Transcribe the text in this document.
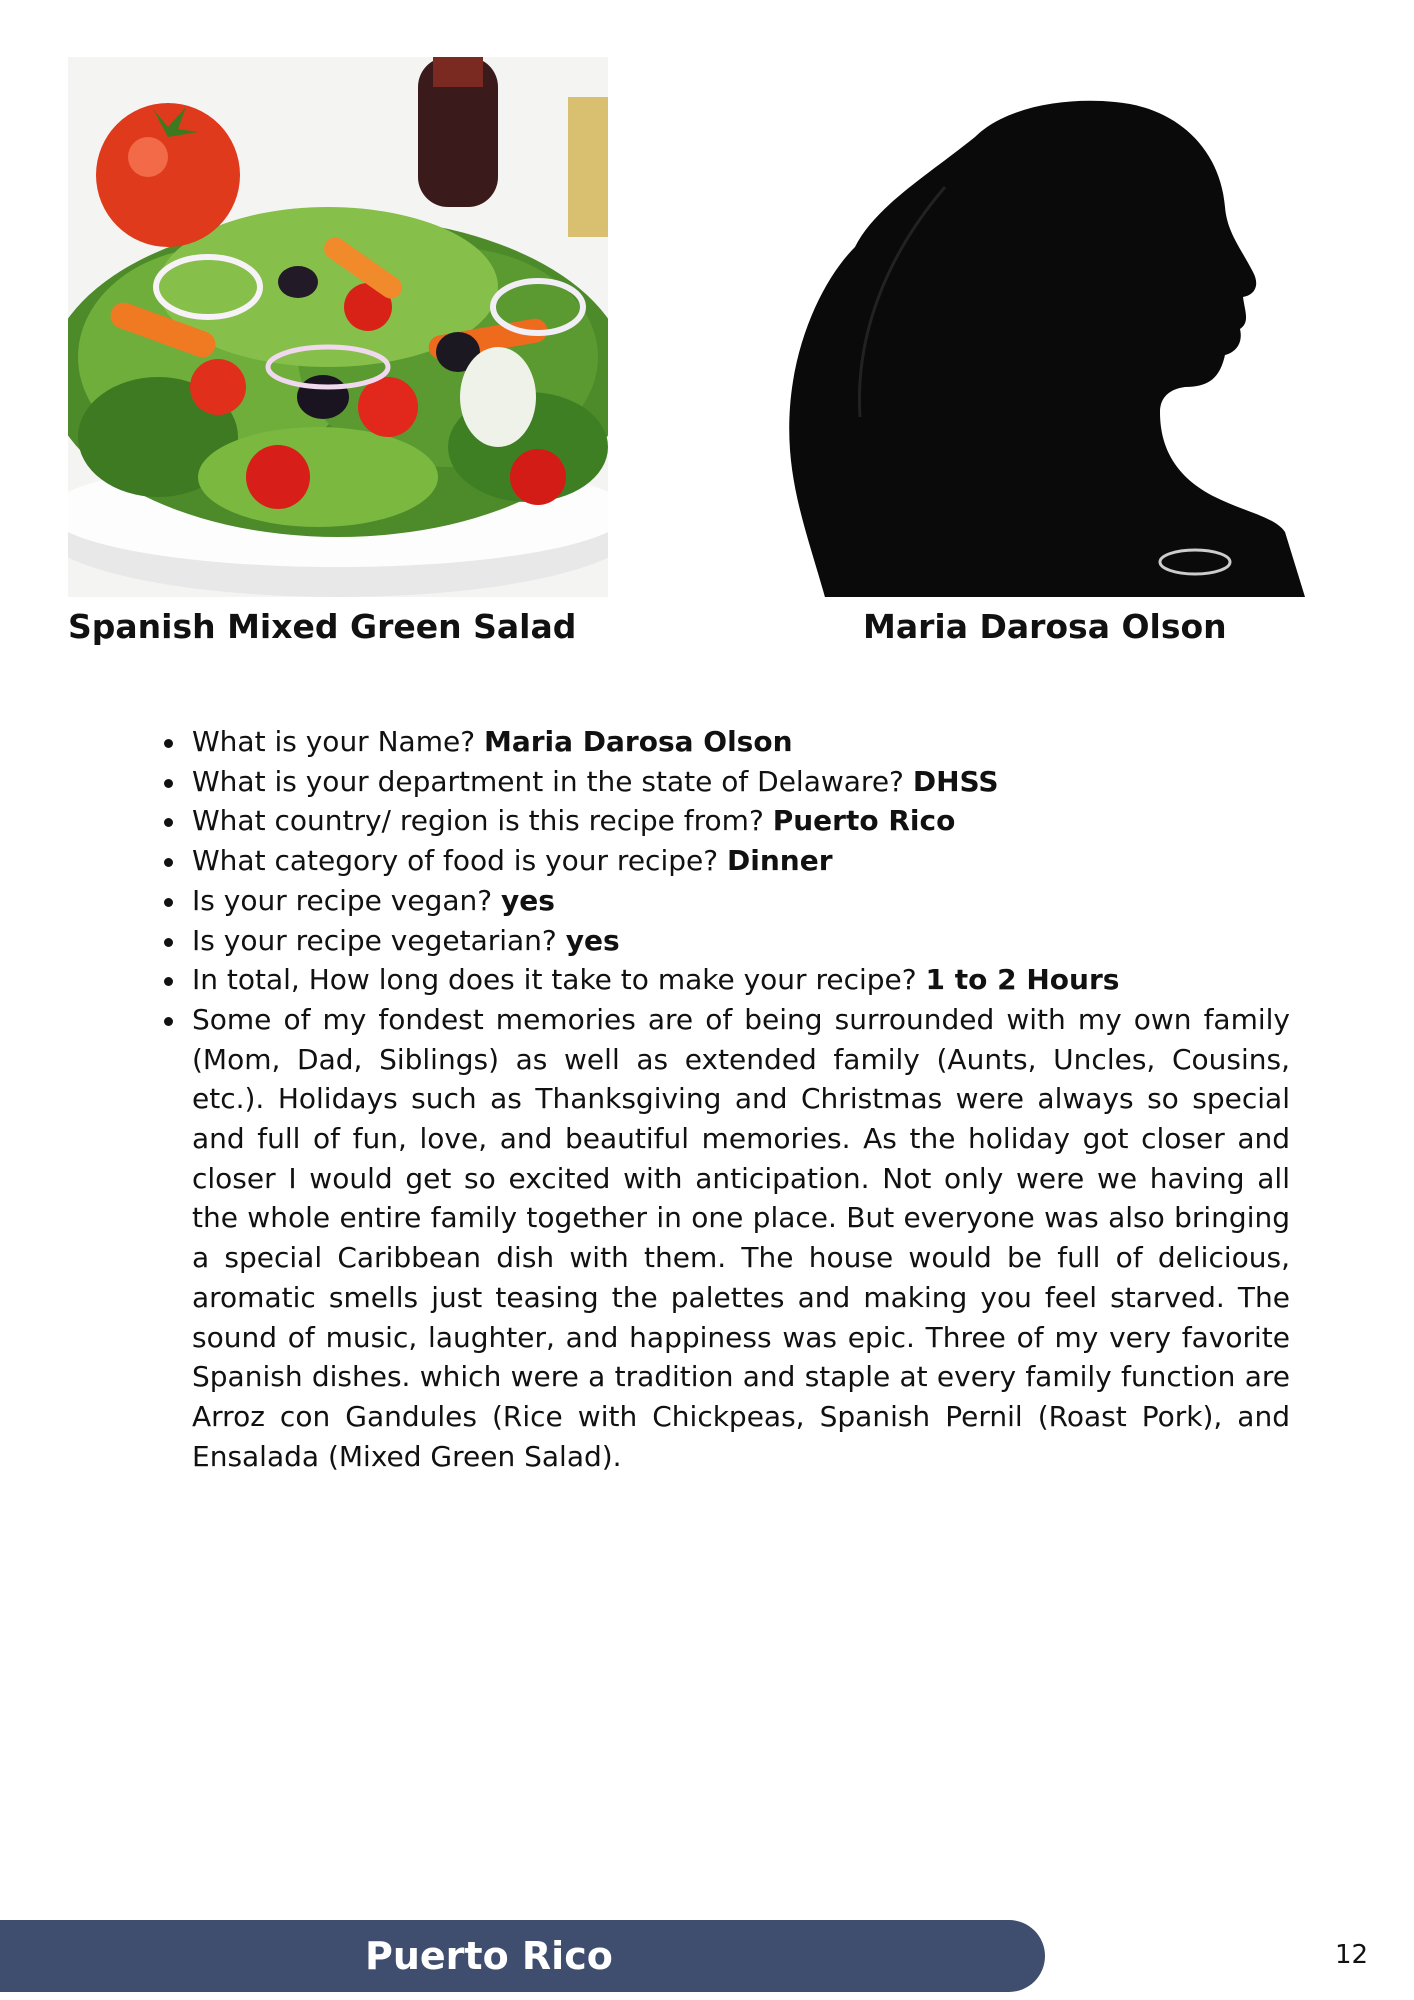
Spanish Mixed Green Salad	Maria Darosa Olson
What is your Name? Maria Darosa Olson
What is your department in the state of Delaware? DHSS
What country/ region is this recipe from? Puerto Rico
What category of food is your recipe? Dinner
Is your recipe vegan? yes
Is your recipe vegetarian? yes
In total, How long does it take to make your recipe? 1 to 2 Hours
Some of my fondest memories are of being surrounded with my own family (Mom, Dad, Siblings) as well as extended family (Aunts, Uncles, Cousins, etc.). Holidays such as Thanksgiving and Christmas were always so special and full of fun, love, and beautiful memories. As the holiday got closer and closer I would get so excited with anticipation. Not only were we having all the whole entire family together in one place. But everyone was also bringing a special Caribbean dish with them. The house would be full of delicious, aromatic smells just teasing the palettes and making you feel starved. The sound of music, laughter, and happiness was epic. Three of my very favorite Spanish dishes. which were a tradition and staple at every family function are Arroz con Gandules (Rice with Chickpeas, Spanish Pernil (Roast Pork), and Ensalada (Mixed Green Salad).
Puerto Rico	12
